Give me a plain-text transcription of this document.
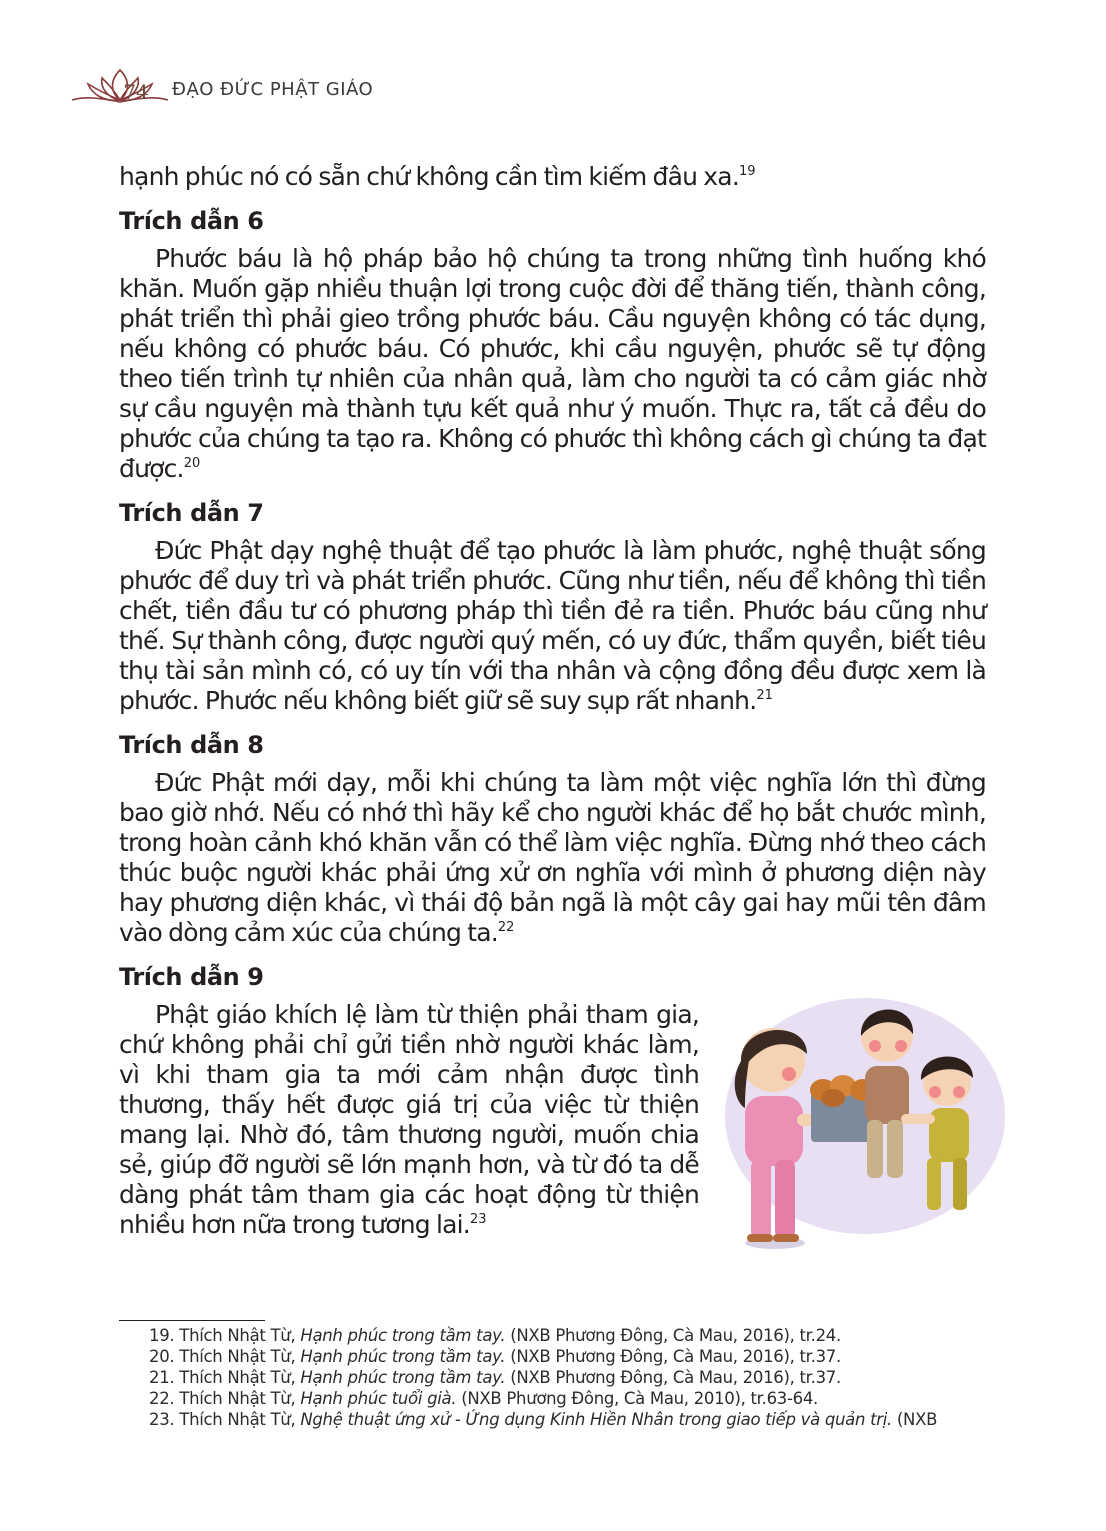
74	ĐẠO ĐỨC PHẬT GIÁO

hạnh phúc nó có sẵn chứ không cần tìm kiếm đâu xa.$^{19}$

Trích dẫn 6

Phước báu là hộ pháp bảo hộ chúng ta trong những tình huống khó khăn. Muốn gặp nhiều thuận lợi trong cuộc đời để thăng tiến, thành công, phát triển thì phải gieo trồng phước báu. Cầu nguyện không có tác dụng, nếu không có phước báu. Có phước, khi cầu nguyện, phước sẽ tự động theo tiến trình tự nhiên của nhân quả, làm cho người ta có cảm giác nhờ sự cầu nguyện mà thành tựu kết quả như ý muốn. Thực ra, tất cả đều do phước của chúng ta tạo ra. Không có phước thì không cách gì chúng ta đạt được.$^{20}$

Trích dẫn 7

Đức Phật dạy nghệ thuật để tạo phước là làm phước, nghệ thuật sống phước để duy trì và phát triển phước. Cũng như tiền, nếu để không thì tiền chết, tiền đầu tư có phương pháp thì tiền đẻ ra tiền. Phước báu cũng như thế. Sự thành công, được người quý mến, có uy đức, thẩm quyền, biết tiêu thụ tài sản mình có, có uy tín với tha nhân và cộng đồng đều được xem là phước. Phước nếu không biết giữ sẽ suy sụp rất nhanh.$^{21}$

Trích dẫn 8

Đức Phật mới dạy, mỗi khi chúng ta làm một việc nghĩa lớn thì đừng bao giờ nhớ. Nếu có nhớ thì hãy kể cho người khác để họ bắt chước mình, trong hoàn cảnh khó khăn vẫn có thể làm việc nghĩa. Đừng nhớ theo cách thúc buộc người khác phải ứng xử ơn nghĩa với mình ở phương diện này hay phương diện khác, vì thái độ bản ngã là một cây gai hay mũi tên đâm vào dòng cảm xúc của chúng ta.$^{22}$

Trích dẫn 9

Phật giáo khích lệ làm từ thiện phải tham gia, chứ không phải chỉ gửi tiền nhờ người khác làm, vì khi tham gia ta mới cảm nhận được tình thương, thấy hết được giá trị của việc từ thiện mang lại. Nhờ đó, tâm thương người, muốn chia sẻ, giúp đỡ người sẽ lớn mạnh hơn, và từ đó ta dễ dàng phát tâm tham gia các hoạt động từ thiện nhiều hơn nữa trong tương lai.$^{23}$

19. Thích Nhật Từ, Hạnh phúc trong tầm tay. (NXB Phương Đông, Cà Mau, 2016), tr.24.

20. Thích Nhật Từ, Hạnh phúc trong tầm tay. (NXB Phương Đông, Cà Mau, 2016), tr.37.

21. Thích Nhật Từ, Hạnh phúc trong tầm tay. (NXB Phương Đông, Cà Mau, 2016), tr.37.

22. Thích Nhật Từ, Hạnh phúc tuổi già. (NXB Phương Đông, Cà Mau, 2010), tr.63-64.

23. Thích Nhật Từ, Nghệ thuật ứng xử - Ứng dụng Kinh Hiền Nhân trong giao tiếp và quản trị. (NXB
